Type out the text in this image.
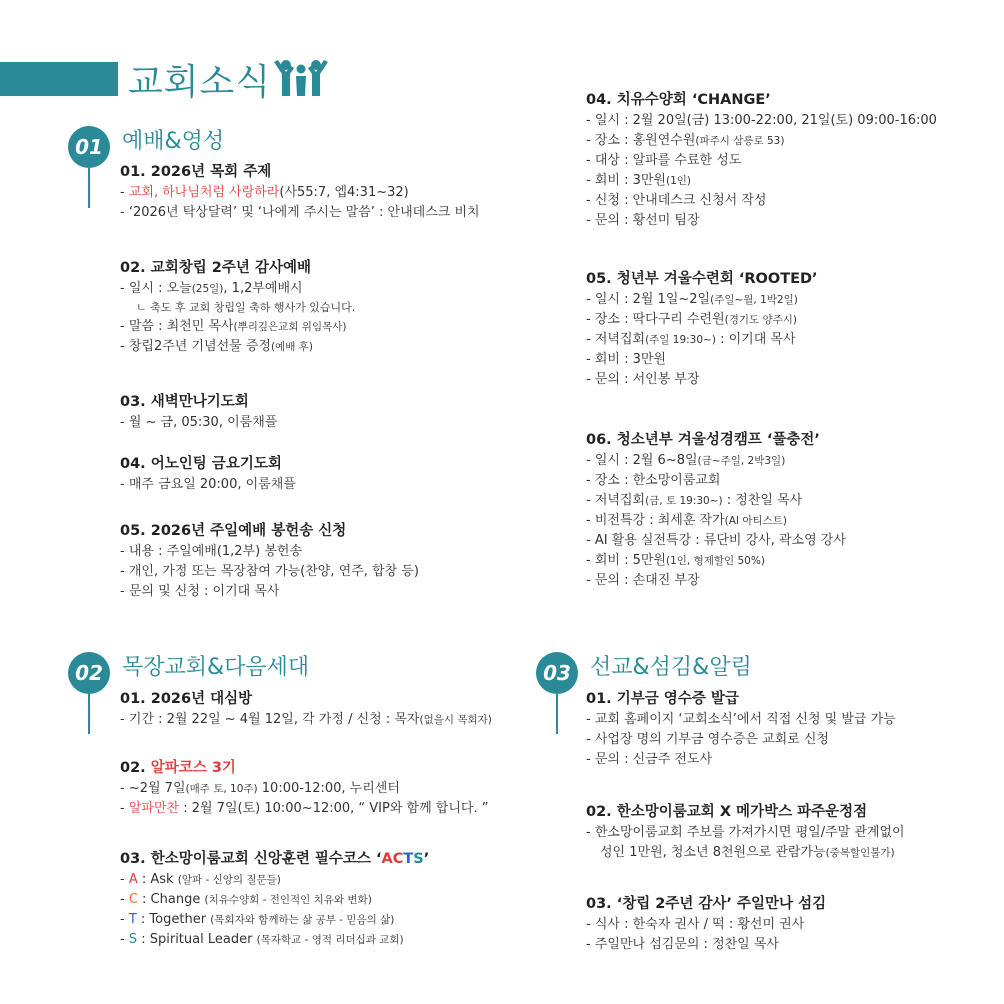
교회소식
01 예배&영성
01. 2026년 목회 주제
- 교회, 하나님처럼 사랑하라(사55:7, 엡4:31~32)
- ‘2026년 탁상달력’ 및 ‘나에게 주시는 말씀’ : 안내데스크 비치
02. 교회창립 2주년 감사예배
- 일시 : 오늘(25일), 1,2부예배시
ㄴ 축도 후 교회 창립일 축하 행사가 있습니다.
- 말씀 : 최천민 목사(뿌리깊은교회 위임목사)
- 창립2주년 기념선물 증정(예배 후)
03. 새벽만나기도회
- 월 ~ 금, 05:30, 이룸채플
04. 어노인팅 금요기도회
- 매주 금요일 20:00, 이룸채플
05. 2026년 주일예배 봉헌송 신청
- 내용 : 주일예배(1,2부) 봉헌송
- 개인, 가정 또는 목장참여 가능(찬양, 연주, 합창 등)
- 문의 및 신청 : 이기대 목사
02 목장교회&다음세대
01. 2026년 대심방
- 기간 : 2월 22일 ~ 4월 12일, 각 가정 / 신청 : 목자(없을시 목회자)
02. 알파코스 3기
- ~2월 7일(매주 토, 10주) 10:00-12:00, 누리센터
- 알파만찬 : 2월 7일(토) 10:00~12:00, “ VIP와 함께 합니다. ”
03. 한소망이룸교회 신앙훈련 필수코스 ‘ACTS’
- A : Ask (알파 - 신앙의 질문들)
- C : Change (치유수양회 - 전인적인 치유와 변화)
- T : Together (목회자와 함께하는 삶 공부 - 믿음의 삶)
- S : Spiritual Leader (목자학교 - 영적 리더십과 교회)
04. 치유수양회 ‘CHANGE’
- 일시 : 2월 20일(금) 13:00-22:00, 21일(토) 09:00-16:00
- 장소 : 홍원연수원(파주시 삼릉로 53)
- 대상 : 알파를 수료한 성도
- 회비 : 3만원(1인)
- 신청 : 안내데스크 신청서 작성
- 문의 : 황선미 팀장
05. 청년부 겨울수련회 ‘ROOTED’
- 일시 : 2월 1일~2일(주일~월, 1박2일)
- 장소 : 딱다구리 수련원(경기도 양주시)
- 저녁집회(주일 19:30~) : 이기대 목사
- 회비 : 3만원
- 문의 : 서인봉 부장
06. 청소년부 겨울성경캠프 ‘풀충전’
- 일시 : 2월 6~8일(금~주일, 2박3일)
- 장소 : 한소망이룸교회
- 저녁집회(금, 토 19:30~) : 정찬일 목사
- 비전특강 : 최세훈 작가(AI 아티스트)
- AI 활용 실전특강 : 류단비 강사, 곽소영 강사
- 회비 : 5만원(1인, 형제할인 50%)
- 문의 : 손대진 부장
03 선교&섬김&알림
01. 기부금 영수증 발급
- 교회 홈페이지 ‘교회소식’에서 직접 신청 및 발급 가능
- 사업장 명의 기부금 영수증은 교회로 신청
- 문의 : 신금주 전도사
02. 한소망이룸교회 X 메가박스 파주운정점
- 한소망이룸교회 주보를 가져가시면 평일/주말 관계없이
성인 1만원, 청소년 8천원으로 관람가능(중복할인불가)
03. ‘창립 2주년 감사’ 주일만나 섬김
- 식사 : 한숙자 권사 / 떡 : 황선미 권사
- 주일만나 섬김문의 : 정찬일 목사
